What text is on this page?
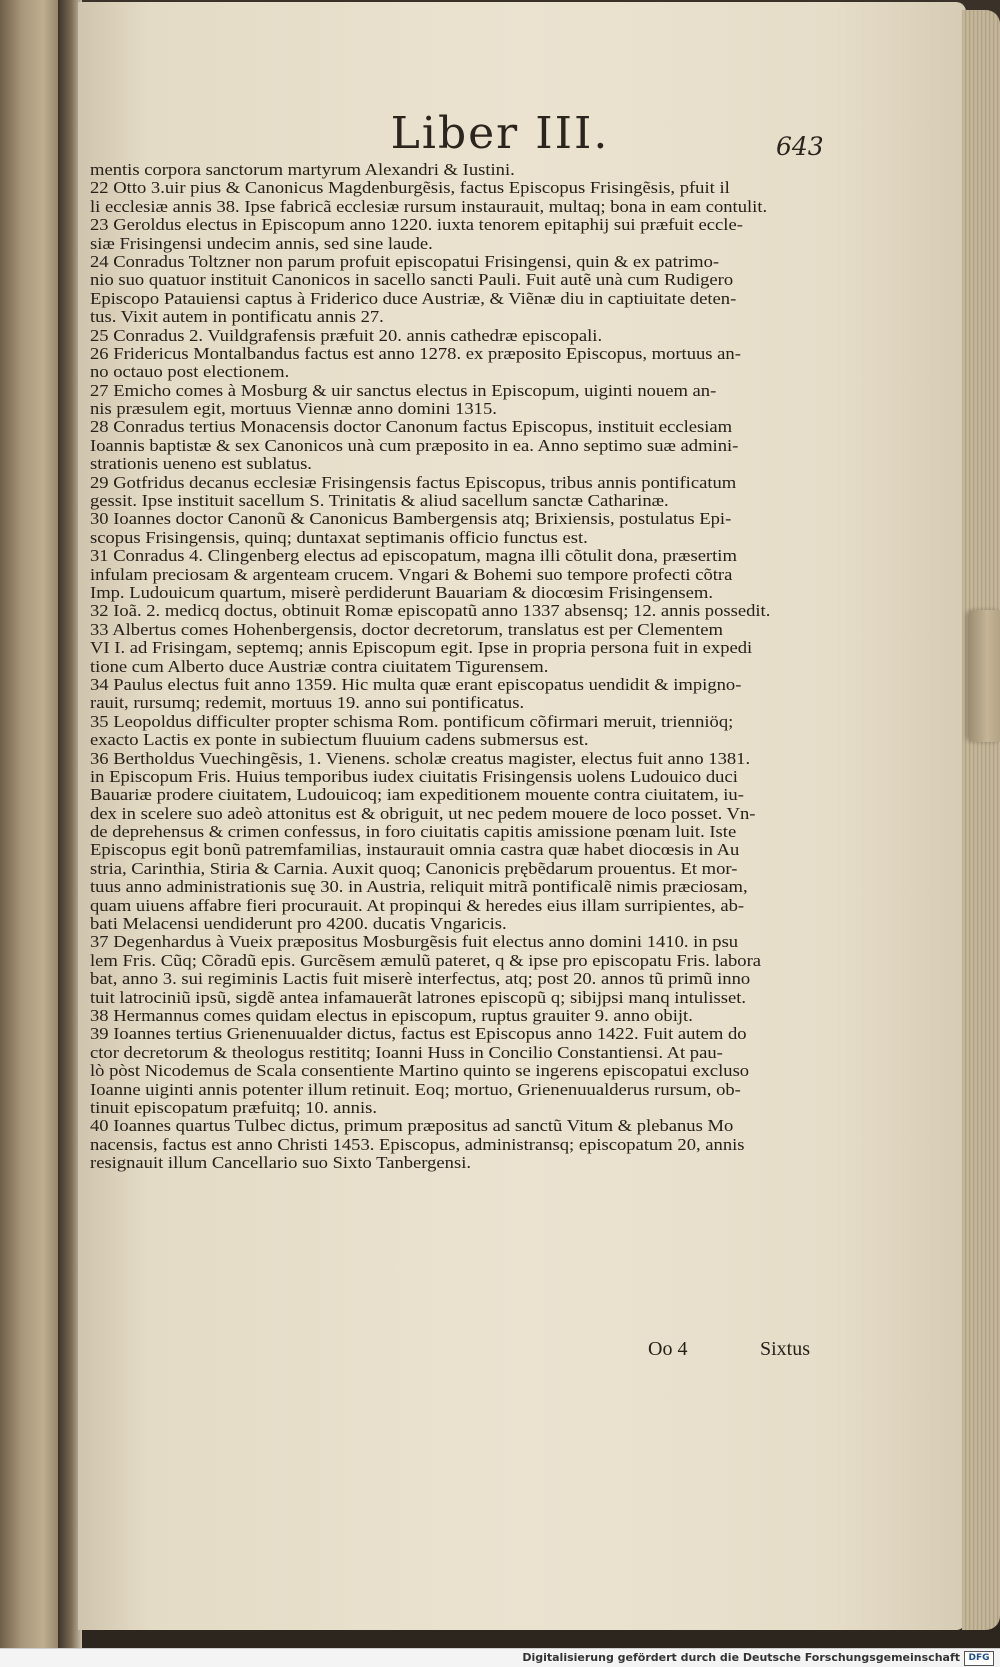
Liber III.	643
mentis corpora sanctorum martyrum Alexandri & Iustini.
22 Otto 3.uir pius & Canonicus Magdenburgẽsis, factus Episcopus Frisingẽsis, pfuit il
li ecclesiæ annis 38. Ipse fabricã ecclesiæ rursum instaurauit, multaq; bona in eam contulit.
23 Geroldus electus in Episcopum anno 1220. iuxta tenorem epitaphij sui præfuit eccle-
siæ Frisingensi undecim annis, sed sine laude.
24 Conradus Toltzner non parum profuit episcopatui Frisingensi, quin & ex patrimo-
nio suo quatuor instituit Canonicos in sacello sancti Pauli. Fuit autẽ unà cum Rudigero
Episcopo Patauiensi captus à Friderico duce Austriæ, & Viẽnæ diu in captiuitate deten-
tus. Vixit autem in pontificatu annis 27.
25 Conradus 2. Vuildgrafensis præfuit 20. annis cathedræ episcopali.
26 Fridericus Montalbandus factus est anno 1278. ex præposito Episcopus, mortuus an-
no octauo post electionem.
27 Emicho comes à Mosburg & uir sanctus electus in Episcopum, uiginti nouem an-
nis præsulem egit, mortuus Viennæ anno domini 1315.
28 Conradus tertius Monacensis doctor Canonum factus Episcopus, instituit ecclesiam
Ioannis baptistæ & sex Canonicos unà cum præposito in ea. Anno septimo suæ admini-
strationis ueneno est sublatus.
29 Gotfridus decanus ecclesiæ Frisingensis factus Episcopus, tribus annis pontificatum
gessit. Ipse instituit sacellum S. Trinitatis & aliud sacellum sanctæ Catharinæ.
30 Ioannes doctor Canonũ & Canonicus Bambergensis atq; Brixiensis, postulatus Epi-
scopus Frisingensis, quinq; duntaxat septimanis officio functus est.
31 Conradus 4. Clingenberg electus ad episcopatum, magna illi cõtulit dona, præsertim
infulam preciosam & argenteam crucem. Vngari & Bohemi suo tempore profecti cõtra
Imp. Ludouicum quartum, miserè perdiderunt Bauariam & diocœsim Frisingensem.
32 Ioã. 2. medicq doctus, obtinuit Romæ episcopatũ anno 1337 absensq; 12. annis possedit.
33 Albertus comes Hohenbergensis, doctor decretorum, translatus est per Clementem
VI I. ad Frisingam, septemq; annis Episcopum egit. Ipse in propria persona fuit in expedi
tione cum Alberto duce Austriæ contra ciuitatem Tigurensem.
34 Paulus electus fuit anno 1359. Hic multa quæ erant episcopatus uendidit & impigno-
rauit, rursumq; redemit, mortuus 19. anno sui pontificatus.
35 Leopoldus difficulter propter schisma Rom. pontificum cõfirmari meruit, trienniöq;
exacto Lactis ex ponte in subiectum fluuium cadens submersus est.
36 Bertholdus Vuechingẽsis, 1. Vienens. scholæ creatus magister, electus fuit anno 1381.
in Episcopum Fris. Huius temporibus iudex ciuitatis Frisingensis uolens Ludouico duci
Bauariæ prodere ciuitatem, Ludouicoq; iam expeditionem mouente contra ciuitatem, iu-
dex in scelere suo adeò attonitus est & obriguit, ut nec pedem mouere de loco posset. Vn-
de deprehensus & crimen confessus, in foro ciuitatis capitis amissione pœnam luit. Iste
Episcopus egit bonũ patremfamilias, instaurauit omnia castra quæ habet diocœsis in Au
stria, Carinthia, Stiria & Carnia. Auxit quoq; Canonicis prębẽdarum prouentus. Et mor-
tuus anno administrationis suę 30. in Austria, reliquit mitrã pontificalẽ nimis præciosam,
quam uiuens affabre fieri procurauit. At propinqui & heredes eius illam surripientes, ab-
bati Melacensi uendiderunt pro 4200. ducatis Vngaricis.
37 Degenhardus à Vueix præpositus Mosburgẽsis fuit electus anno domini 1410. in psu
lem Fris. Cũq; Cõradũ epis. Gurcẽsem æmulũ pateret, q & ipse pro episcopatu Fris. labora
bat, anno 3. sui regiminis Lactis fuit miserè interfectus, atq; post 20. annos tũ primũ inno
tuit latrociniũ ipsũ, sigdẽ antea infamauerãt latrones episcopũ q; sibijpsi manq intulisset.
38 Hermannus comes quidam electus in episcopum, ruptus grauiter 9. anno obijt.
39 Ioannes tertius Grienenuualder dictus, factus est Episcopus anno 1422. Fuit autem do
ctor decretorum & theologus restititq; Ioanni Huss in Concilio Constantiensi. At pau-
lò pòst Nicodemus de Scala consentiente Martino quinto se ingerens episcopatui excluso
Ioanne uiginti annis potenter illum retinuit. Eoq; mortuo, Grienenuualderus rursum, ob-
tinuit episcopatum præfuitq; 10. annis.
40 Ioannes quartus Tulbec dictus, primum præpositus ad sanctũ Vitum & plebanus Mo
nacensis, factus est anno Christi 1453. Episcopus, administransq; episcopatum 20, annis
resignauit illum Cancellario suo Sixto Tanbergensi.
Oo 4	Sixtus
Digitalisierung gefördert durch die Deutsche Forschungsgemeinschaft DFG
